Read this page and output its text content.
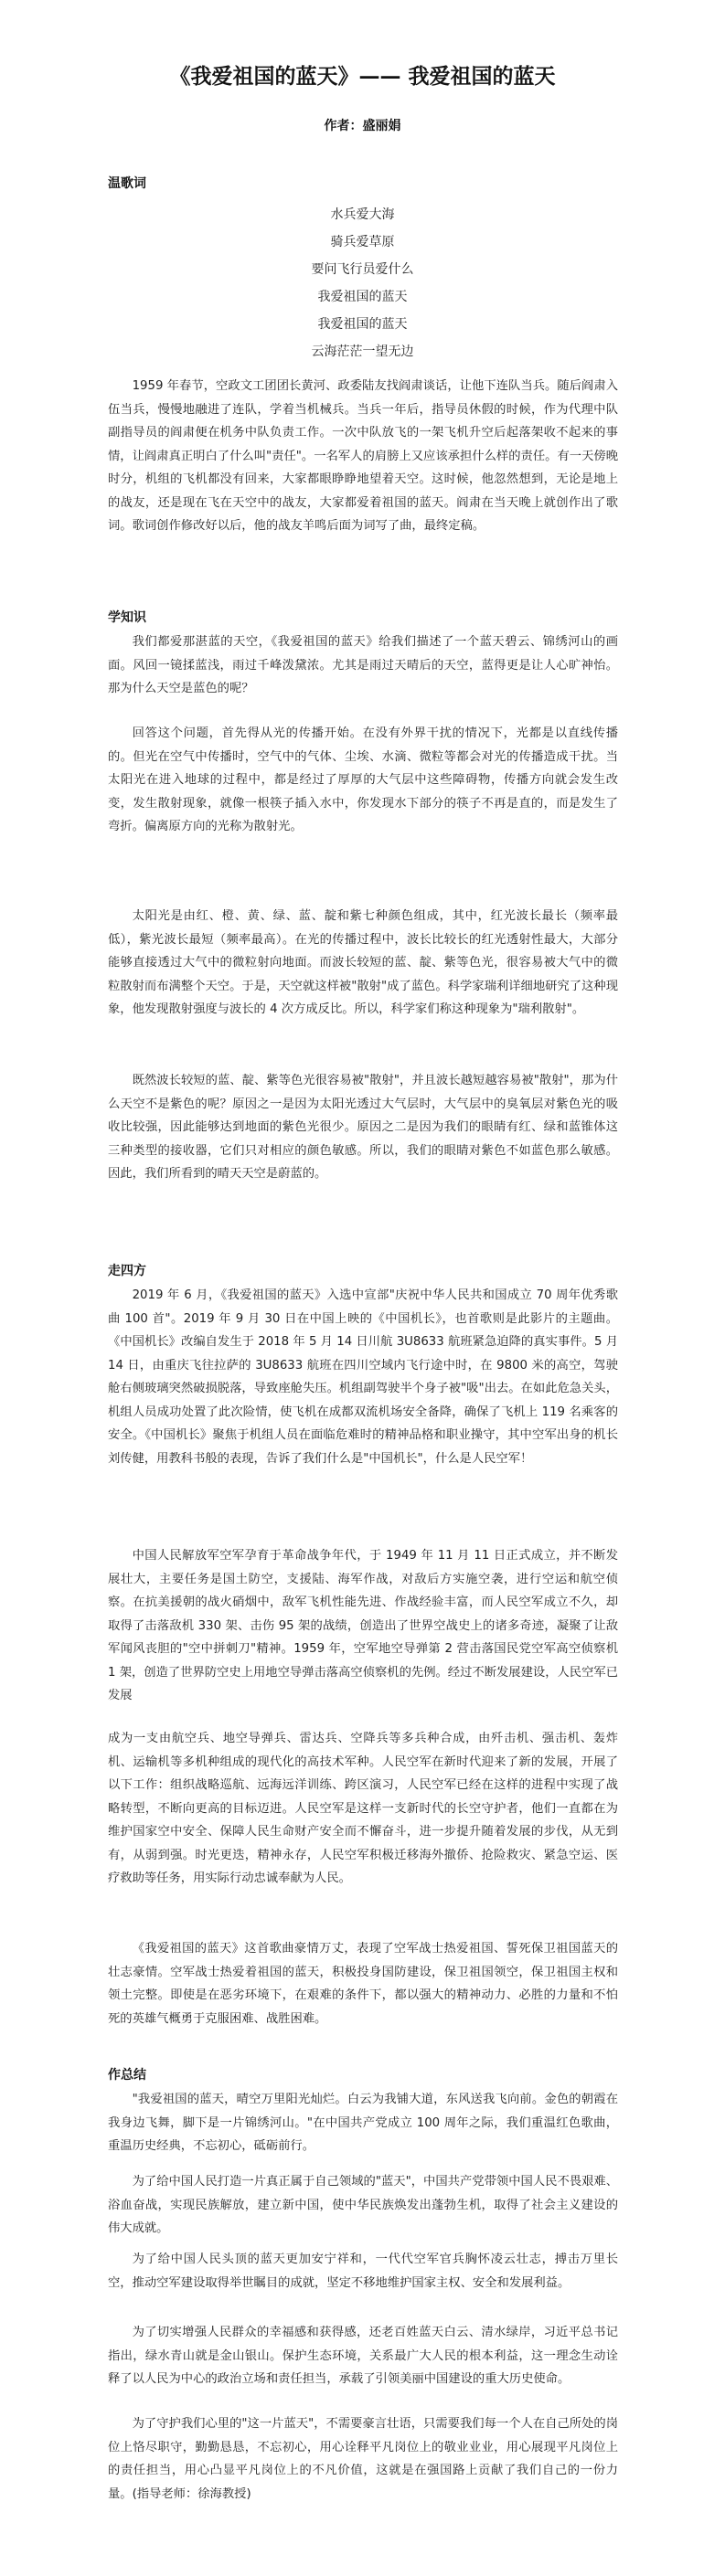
《我爱祖国的蓝天》—— 我爱祖国的蓝天
作者：盛丽娟
温歌词
水兵爱大海
骑兵爱草原
要问飞行员爱什么
我爱祖国的蓝天
我爱祖国的蓝天
云海茫茫一望无边

1959 年春节，空政文工团团长黄河、政委陆友找阎肃谈话，让他下连队当兵。随后阎肃入伍当兵，慢慢地融进了连队，学着当机械兵。当兵一年后，指导员休假的时候，作为代理中队副指导员的阎肃便在机务中队负责工作。一次中队放飞的一架飞机升空后起落架收不起来的事情，让阎肃真正明白了什么叫"责任"。一名军人的肩膀上又应该承担什么样的责任。有一天傍晚时分，机组的飞机都没有回来，大家都眼睁睁地望着天空。这时候，他忽然想到，无论是地上的战友，还是现在飞在天空中的战友，大家都爱着祖国的蓝天。阎肃在当天晚上就创作出了歌词。歌词创作修改好以后，他的战友羊鸣后面为词写了曲，最终定稿。

学知识

我们都爱那湛蓝的天空，《我爱祖国的蓝天》给我们描述了一个蓝天碧云、锦绣河山的画面。风回一镜揉蓝浅，雨过千峰泼黛浓。尤其是雨过天晴后的天空，蓝得更是让人心旷神怡。那为什么天空是蓝色的呢？

回答这个问题，首先得从光的传播开始。在没有外界干扰的情况下，光都是以直线传播的。但光在空气中传播时，空气中的气体、尘埃、水滴、微粒等都会对光的传播造成干扰。当太阳光在进入地球的过程中，都是经过了厚厚的大气层中这些障碍物，传播方向就会发生改变，发生散射现象，就像一根筷子插入水中，你发现水下部分的筷子不再是直的，而是发生了弯折。偏离原方向的光称为散射光。

太阳光是由红、橙、黄、绿、蓝、靛和紫七种颜色组成，其中，红光波长最长（频率最低），紫光波长最短（频率最高）。在光的传播过程中，波长比较长的红光透射性最大，大部分能够直接透过大气中的微粒射向地面。而波长较短的蓝、靛、紫等色光，很容易被大气中的微粒散射而布满整个天空。于是，天空就这样被"散射"成了蓝色。科学家瑞利详细地研究了这种现象，他发现散射强度与波长的 4 次方成反比。所以，科学家们称这种现象为"瑞利散射"。

既然波长较短的蓝、靛、紫等色光很容易被"散射"，并且波长越短越容易被"散射"，那为什么天空不是紫色的呢？原因之一是因为太阳光透过大气层时，大气层中的臭氧层对紫色光的吸收比较强，因此能够达到地面的紫色光很少。原因之二是因为我们的眼睛有红、绿和蓝锥体这三种类型的接收器，它们只对相应的颜色敏感。所以，我们的眼睛对紫色不如蓝色那么敏感。因此，我们所看到的晴天天空是蔚蓝的。

走四方

2019 年 6 月，《我爱祖国的蓝天》入选中宣部"庆祝中华人民共和国成立 70 周年优秀歌曲 100 首"。2019 年 9 月 30 日在中国上映的《中国机长》，也首歌则是此影片的主题曲。《中国机长》改编自发生于 2018 年 5 月 14 日川航 3U8633 航班紧急迫降的真实事件。5 月 14 日，由重庆飞往拉萨的 3U8633 航班在四川空域内飞行途中时，在 9800 米的高空，驾驶舱右侧玻璃突然破损脱落，导致座舱失压。机组副驾驶半个身子被"吸"出去。在如此危急关头，机组人员成功处置了此次险情，使飞机在成都双流机场安全备降，确保了飞机上 119 名乘客的安全。《中国机长》聚焦于机组人员在面临危难时的精神品格和职业操守，其中空军出身的机长刘传健，用教科书般的表现，告诉了我们什么是"中国机长"，什么是人民空军！

中国人民解放军空军孕育于革命战争年代，于 1949 年 11 月 11 日正式成立，并不断发展壮大，主要任务是国土防空，支援陆、海军作战，对敌后方实施空袭，进行空运和航空侦察。在抗美援朝的战火硝烟中，敌军飞机性能先进、作战经验丰富，而人民空军成立不久，却取得了击落敌机 330 架、击伤 95 架的战绩，创造出了世界空战史上的诸多奇迹，凝聚了让敌军闻风丧胆的"空中拼刺刀"精神。1959 年，空军地空导弹第 2 营击落国民党空军高空侦察机 1 架，创造了世界防空史上用地空导弹击落高空侦察机的先例。经过不断发展建设，人民空军已发展

成为一支由航空兵、地空导弹兵、雷达兵、空降兵等多兵种合成，由歼击机、强击机、轰炸机、运输机等多机种组成的现代化的高技术军种。人民空军在新时代迎来了新的发展，开展了以下工作：组织战略巡航、远海远洋训练、跨区演习，人民空军已经在这样的进程中实现了战略转型，不断向更高的目标迈进。人民空军是这样一支新时代的长空守护者，他们一直都在为维护国家空中安全、保障人民生命财产安全而不懈奋斗，进一步提升随着发展的步伐，从无到有，从弱到强。时光更迭，精神永存，人民空军积极迁移海外撤侨、抢险救灾、紧急空运、医疗救助等任务，用实际行动忠诚奉献为人民。

《我爱祖国的蓝天》这首歌曲豪情万丈，表现了空军战士热爱祖国、誓死保卫祖国蓝天的壮志豪情。空军战士热爱着祖国的蓝天，积极投身国防建设，保卫祖国领空，保卫祖国主权和领土完整。即使是在恶劣环境下，在艰难的条件下，都以强大的精神动力、必胜的力量和不怕死的英雄气概勇于克服困难、战胜困难。

作总结

"我爱祖国的蓝天，晴空万里阳光灿烂。白云为我铺大道，东风送我飞向前。金色的朝霞在我身边飞舞，脚下是一片锦绣河山。"在中国共产党成立 100 周年之际，我们重温红色歌曲，重温历史经典，不忘初心，砥砺前行。

为了给中国人民打造一片真正属于自己领域的"蓝天"，中国共产党带领中国人民不畏艰难、浴血奋战，实现民族解放，建立新中国，使中华民族焕发出蓬勃生机，取得了社会主义建设的伟大成就。

为了给中国人民头顶的蓝天更加安宁祥和，一代代空军官兵胸怀凌云壮志，搏击万里长空，推动空军建设取得举世瞩目的成就，坚定不移地维护国家主权、安全和发展利益。

为了切实增强人民群众的幸福感和获得感，还老百姓蓝天白云、清水绿岸，习近平总书记指出，绿水青山就是金山银山。保护生态环境，关系最广大人民的根本利益，这一理念生动诠释了以人民为中心的政治立场和责任担当，承载了引领美丽中国建设的重大历史使命。

为了守护我们心里的"这一片蓝天"，不需要豪言壮语，只需要我们每一个人在自己所处的岗位上恪尽职守，勤勤恳恳，不忘初心，用心诠释平凡岗位上的敬业业业，用心展现平凡岗位上的责任担当，用心凸显平凡岗位上的不凡价值，这就是在强国路上贡献了我们自己的一份力量。(指导老师：徐海教授)
